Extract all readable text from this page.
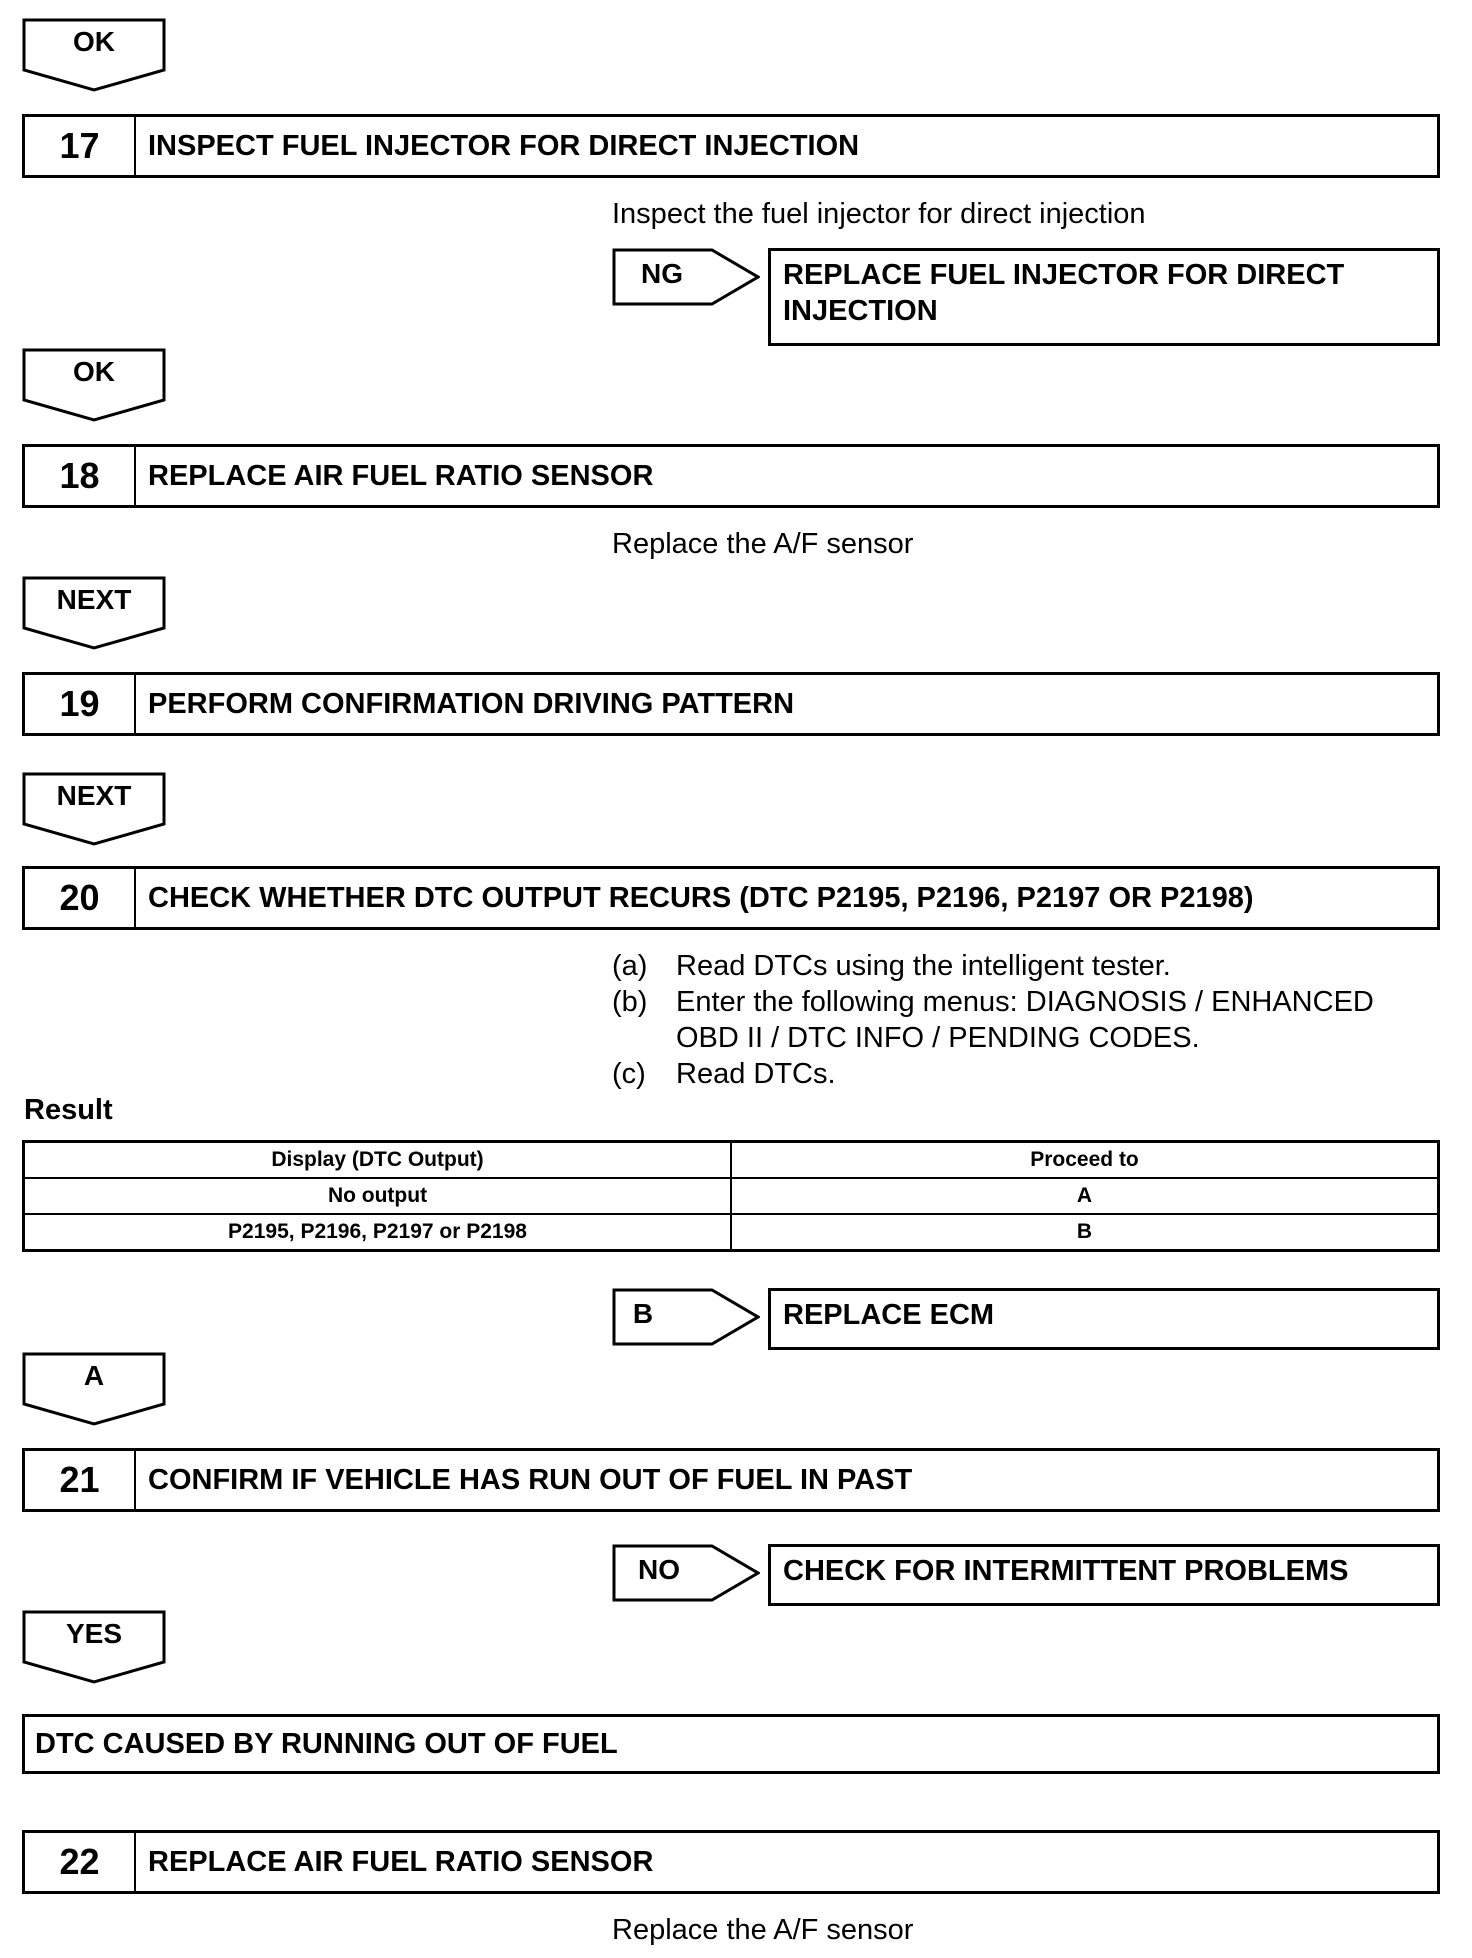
OK
17	INSPECT FUEL INJECTOR FOR DIRECT INJECTION
Inspect the fuel injector for direct injection
NG	REPLACE FUEL INJECTOR FOR DIRECT INJECTION
OK
18	REPLACE AIR FUEL RATIO SENSOR
Replace the A/F sensor
NEXT
19	PERFORM CONFIRMATION DRIVING PATTERN
NEXT
20	CHECK WHETHER DTC OUTPUT RECURS (DTC P2195, P2196, P2197 OR P2198)
(a) Read DTCs using the intelligent tester.
(b) Enter the following menus: DIAGNOSIS / ENHANCED OBD II / DTC INFO / PENDING CODES.
(c)	Read DTCs.
Result
Display (DTC Output)	Proceed to
No output	A
P2195, P2196, P2197 or P2198	B
B	REPLACE ECM
A
21	CONFIRM IF VEHICLE HAS RUN OUT OF FUEL IN PAST
NO	CHECK FOR INTERMITTENT PROBLEMS
YES
DTC CAUSED BY RUNNING OUT OF FUEL
22	REPLACE AIR FUEL RATIO SENSOR
Replace the A/F sensor
